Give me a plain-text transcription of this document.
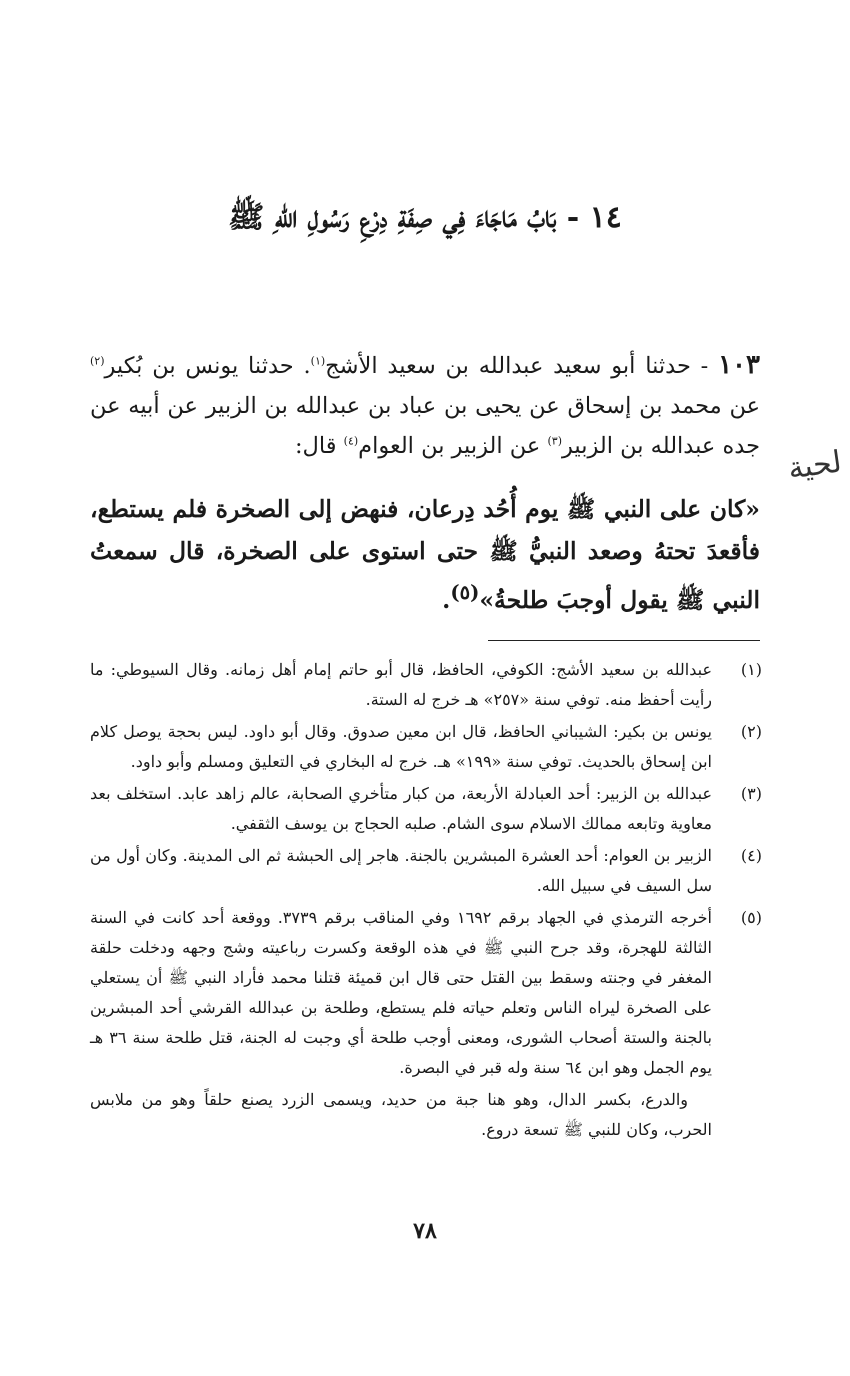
١٤ - بَابُ مَاجَاءَ فِي صِفَةِ دِرْعِ رَسُولِ اللهِ ﷺ
١٠٣ - حدثنا أبو سعيد عبدالله بن سعيد الأشج$^{(١)}$. حدثنا يونس بن بُكير$^{(٢)}$ عن محمد بن إسحاق عن يحيى بن عباد بن عبدالله بن الزبير عن أبيه عن جده عبدالله بن الزبير$^{(٣)}$ عن الزبير بن العوام$^{(٤)}$ قال:
«كان على النبي ﷺ يوم أُحُد دِرعان، فنهض إلى الصخرة فلم يستطع، فأقعدَ تحتهُ وصعد النبيُّ ﷺ حتى استوى على الصخرة، قال سمعتُ النبي ﷺ يقول أوجبَ طلحةُ»$^{(٥)}$.
لحية
(١)
عبدالله بن سعيد الأشج: الكوفي، الحافظ، قال أبو حاتم إمام أهل زمانه. وقال السيوطي: ما رأيت أحفظ منه. توفي سنة «٢٥٧» هـ خرج له الستة.
(٢)
يونس بن بكير: الشيباني الحافظ، قال ابن معين صدوق. وقال أبو داود. ليس بحجة يوصل كلام ابن إسحاق بالحديث. توفي سنة «١٩٩» هـ. خرج له البخاري في التعليق ومسلم وأبو داود.
(٣)
عبدالله بن الزبير: أحد العبادلة الأربعة، من كبار متأخري الصحابة، عالم زاهد عابد. استخلف بعد معاوية وتابعه ممالك الاسلام سوى الشام. صلبه الحجاج بن يوسف الثقفي.
(٤)
الزبير بن العوام: أحد العشرة المبشرين بالجنة. هاجر إلى الحبشة ثم الى المدينة. وكان أول من سل السيف في سبيل الله.
(٥)
أخرجه الترمذي في الجهاد برقم ١٦٩٢ وفي المناقب برقم ٣٧٣٩. ووقعة أحد كانت في السنة الثالثة للهجرة، وقد جرح النبي ﷺ في هذه الوقعة وكسرت رباعيته وشج وجهه ودخلت حلقة المغفر في وجنته وسقط بين القتل حتى قال ابن قميئة قتلنا محمد فأراد النبي ﷺ أن يستعلي على الصخرة ليراه الناس وتعلم حياته فلم يستطع، وطلحة بن عبدالله القرشي أحد المبشرين بالجنة والستة أصحاب الشورى، ومعنى أوجب طلحة أي وجبت له الجنة، قتل طلحة سنة ٣٦ هـ يوم الجمل وهو ابن ٦٤ سنة وله قبر في البصرة.
والدرع، بكسر الدال، وهو هنا جبة من حديد، ويسمى الزرد يصنع حلقاً وهو من ملابس الحرب، وكان للنبي ﷺ تسعة دروع.
٧٨
